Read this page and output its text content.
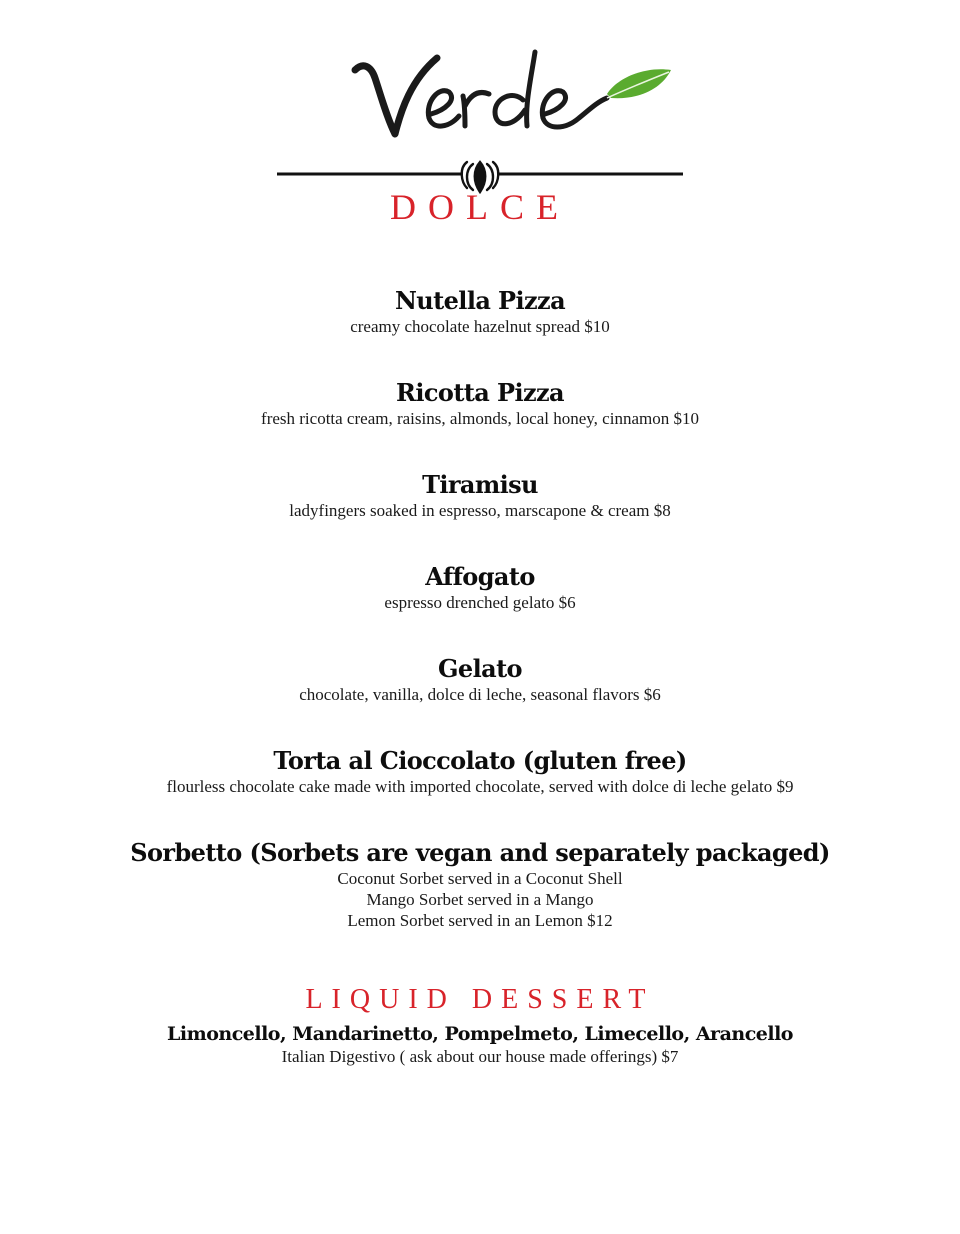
DOLCE
Nutella Pizza
creamy chocolate hazelnut spread $10
Ricotta Pizza
fresh ricotta cream, raisins, almonds, local honey, cinnamon $10
Tiramisu
ladyfingers soaked in espresso, marscapone & cream $8
Affogato
espresso drenched gelato $6
Gelato
chocolate, vanilla, dolce di leche, seasonal flavors $6
Torta al Cioccolato (gluten free)
flourless chocolate cake made with imported chocolate, served with dolce di leche gelato $9
Sorbetto (Sorbets are vegan and separately packaged)
Coconut Sorbet served in a Coconut Shell
Mango Sorbet served in a Mango
Lemon Sorbet served in an Lemon $12
LIQUID DESSERT
Limoncello, Mandarinetto, Pompelmeto, Limecello, Arancello
Italian Digestivo ( ask about our house made offerings) $7
